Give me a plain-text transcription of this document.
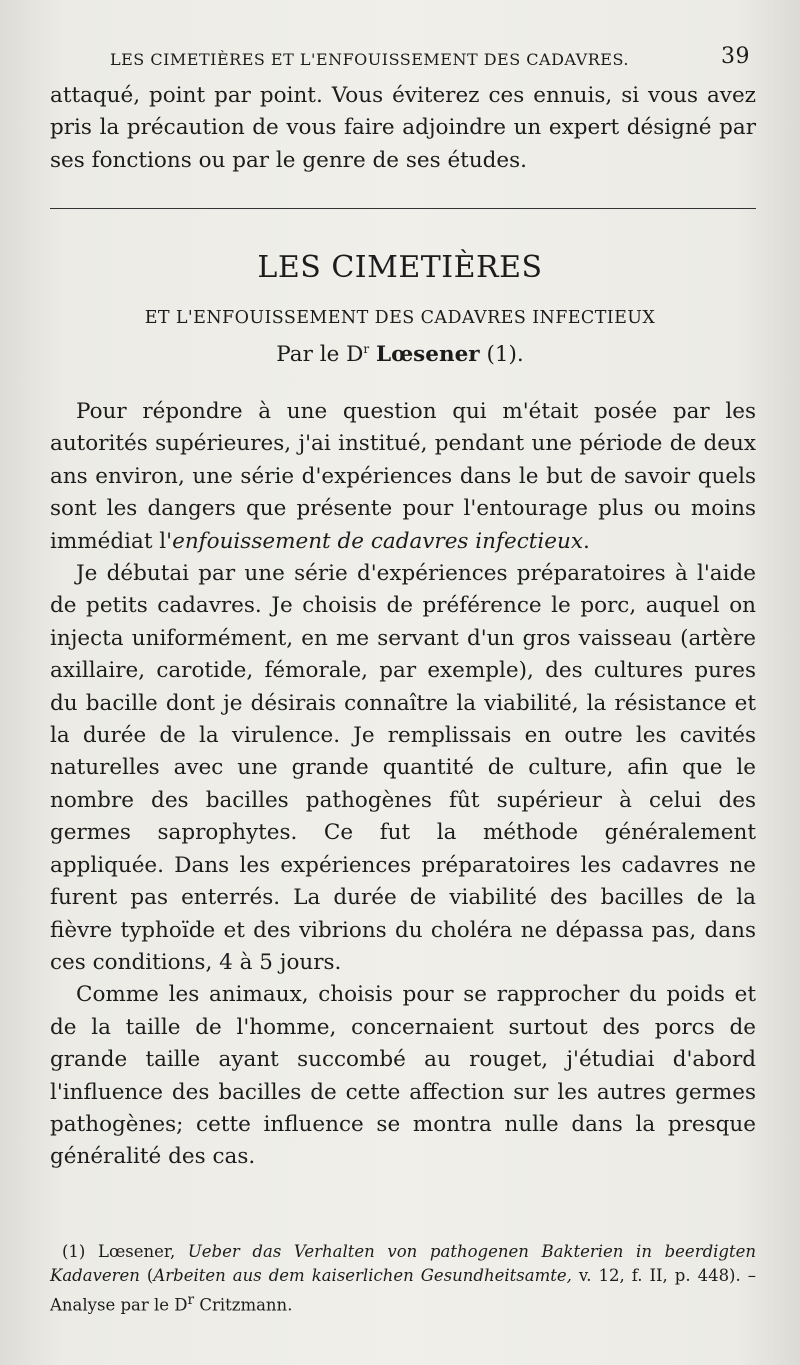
LES CIMETIÈRES ET L'ENFOUISSEMENT DES CADAVRES.	39

attaqué, point par point. Vous éviterez ces ennuis, si vous avez pris la précaution de vous faire adjoindre un expert désigné par ses fonctions ou par le genre de ses études.

LES CIMETIÈRES
ET L'ENFOUISSEMENT DES CADAVRES INFECTIEUX
Par le $D^r$ Lœsener (1).

Pour répondre à une question qui m'était posée par les autorités supérieures, j'ai institué, pendant une période de deux ans environ, une série d'expériences dans le but de savoir quels sont les dangers que présente pour l'entourage plus ou moins immédiat l'enfouissement de cadavres infectieux.

Je débutai par une série d'expériences préparatoires à l'aide de petits cadavres. Je choisis de préférence le porc, auquel on injecta uniformément, en me servant d'un gros vaisseau (artère axillaire, carotide, fémorale, par exemple), des cultures pures du bacille dont je désirais connaître la viabilité, la résistance et la durée de la virulence. Je remplissais en outre les cavités naturelles avec une grande quantité de culture, afin que le nombre des bacilles pathogènes fût supérieur à celui des germes saprophytes. Ce fut la méthode généralement appliquée. Dans les expériences préparatoires les cadavres ne furent pas enterrés. La durée de viabilité des bacilles de la fièvre typhoïde et des vibrions du choléra ne dépassa pas, dans ces conditions, 4 à 5 jours.

Comme les animaux, choisis pour se rapprocher du poids et de la taille de l'homme, concernaient surtout des porcs de grande taille ayant succombé au rouget, j'étudiai d'abord l'influence des bacilles de cette affection sur les autres germes pathogènes; cette influence se montra nulle dans la presque généralité des cas.

(1) Lœsener, Ueber das Verhalten von pathogenen Bakterien in beerdigten Kadaveren (Arbeiten aus dem kaiserlichen Gesundheitsamte, v. 12, f. II, p. 448). – Analyse par le $D^r$ Critzmann.
